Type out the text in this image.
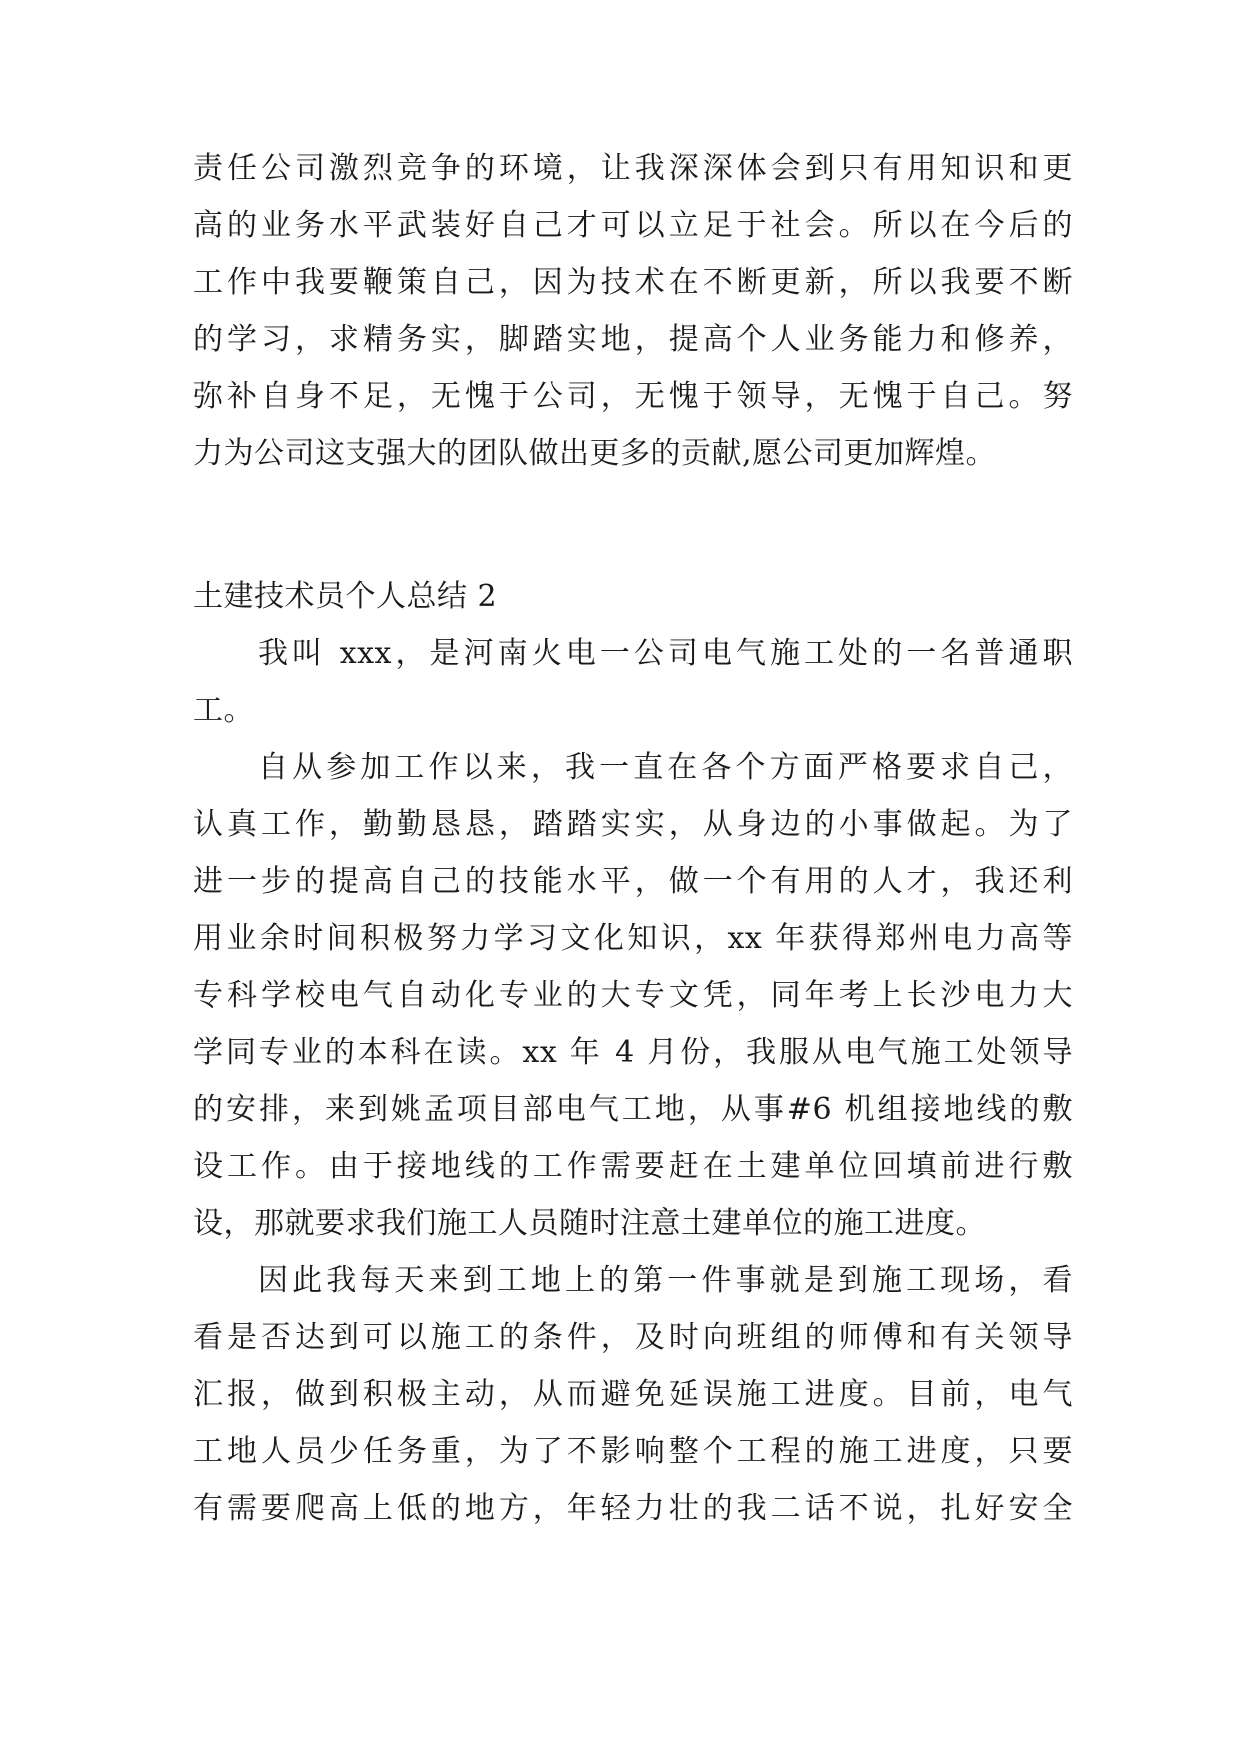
责任公司激烈竞争的环境，让我深深体会到只有用知识和更
高的业务水平武装好自己才可以立足于社会。所以在今后的
工作中我要鞭策自己，因为技术在不断更新，所以我要不断
的学习，求精务实，脚踏实地，提高个人业务能力和修养，
弥补自身不足，无愧于公司，无愧于领导，无愧于自己。努
力为公司这支强大的团队做出更多的贡献,愿公司更加辉煌。
土建技术员个人总结 2
我叫 xxx，是河南火电一公司电气施工处的一名普通职
工。
自从参加工作以来，我一直在各个方面严格要求自己，
认真工作，勤勤恳恳，踏踏实实，从身边的小事做起。为了
进一步的提高自己的技能水平，做一个有用的人才，我还利
用业余时间积极努力学习文化知识，xx 年获得郑州电力高等
专科学校电气自动化专业的大专文凭，同年考上长沙电力大
学同专业的本科在读。xx 年 4 月份，我服从电气施工处领导
的安排，来到姚孟项目部电气工地，从事#6 机组接地线的敷
设工作。由于接地线的工作需要赶在土建单位回填前进行敷
设，那就要求我们施工人员随时注意土建单位的施工进度。
因此我每天来到工地上的第一件事就是到施工现场，看
看是否达到可以施工的条件，及时向班组的师傅和有关领导
汇报，做到积极主动，从而避免延误施工进度。目前，电气
工地人员少任务重，为了不影响整个工程的施工进度，只要
有需要爬高上低的地方，年轻力壮的我二话不说，扎好安全
